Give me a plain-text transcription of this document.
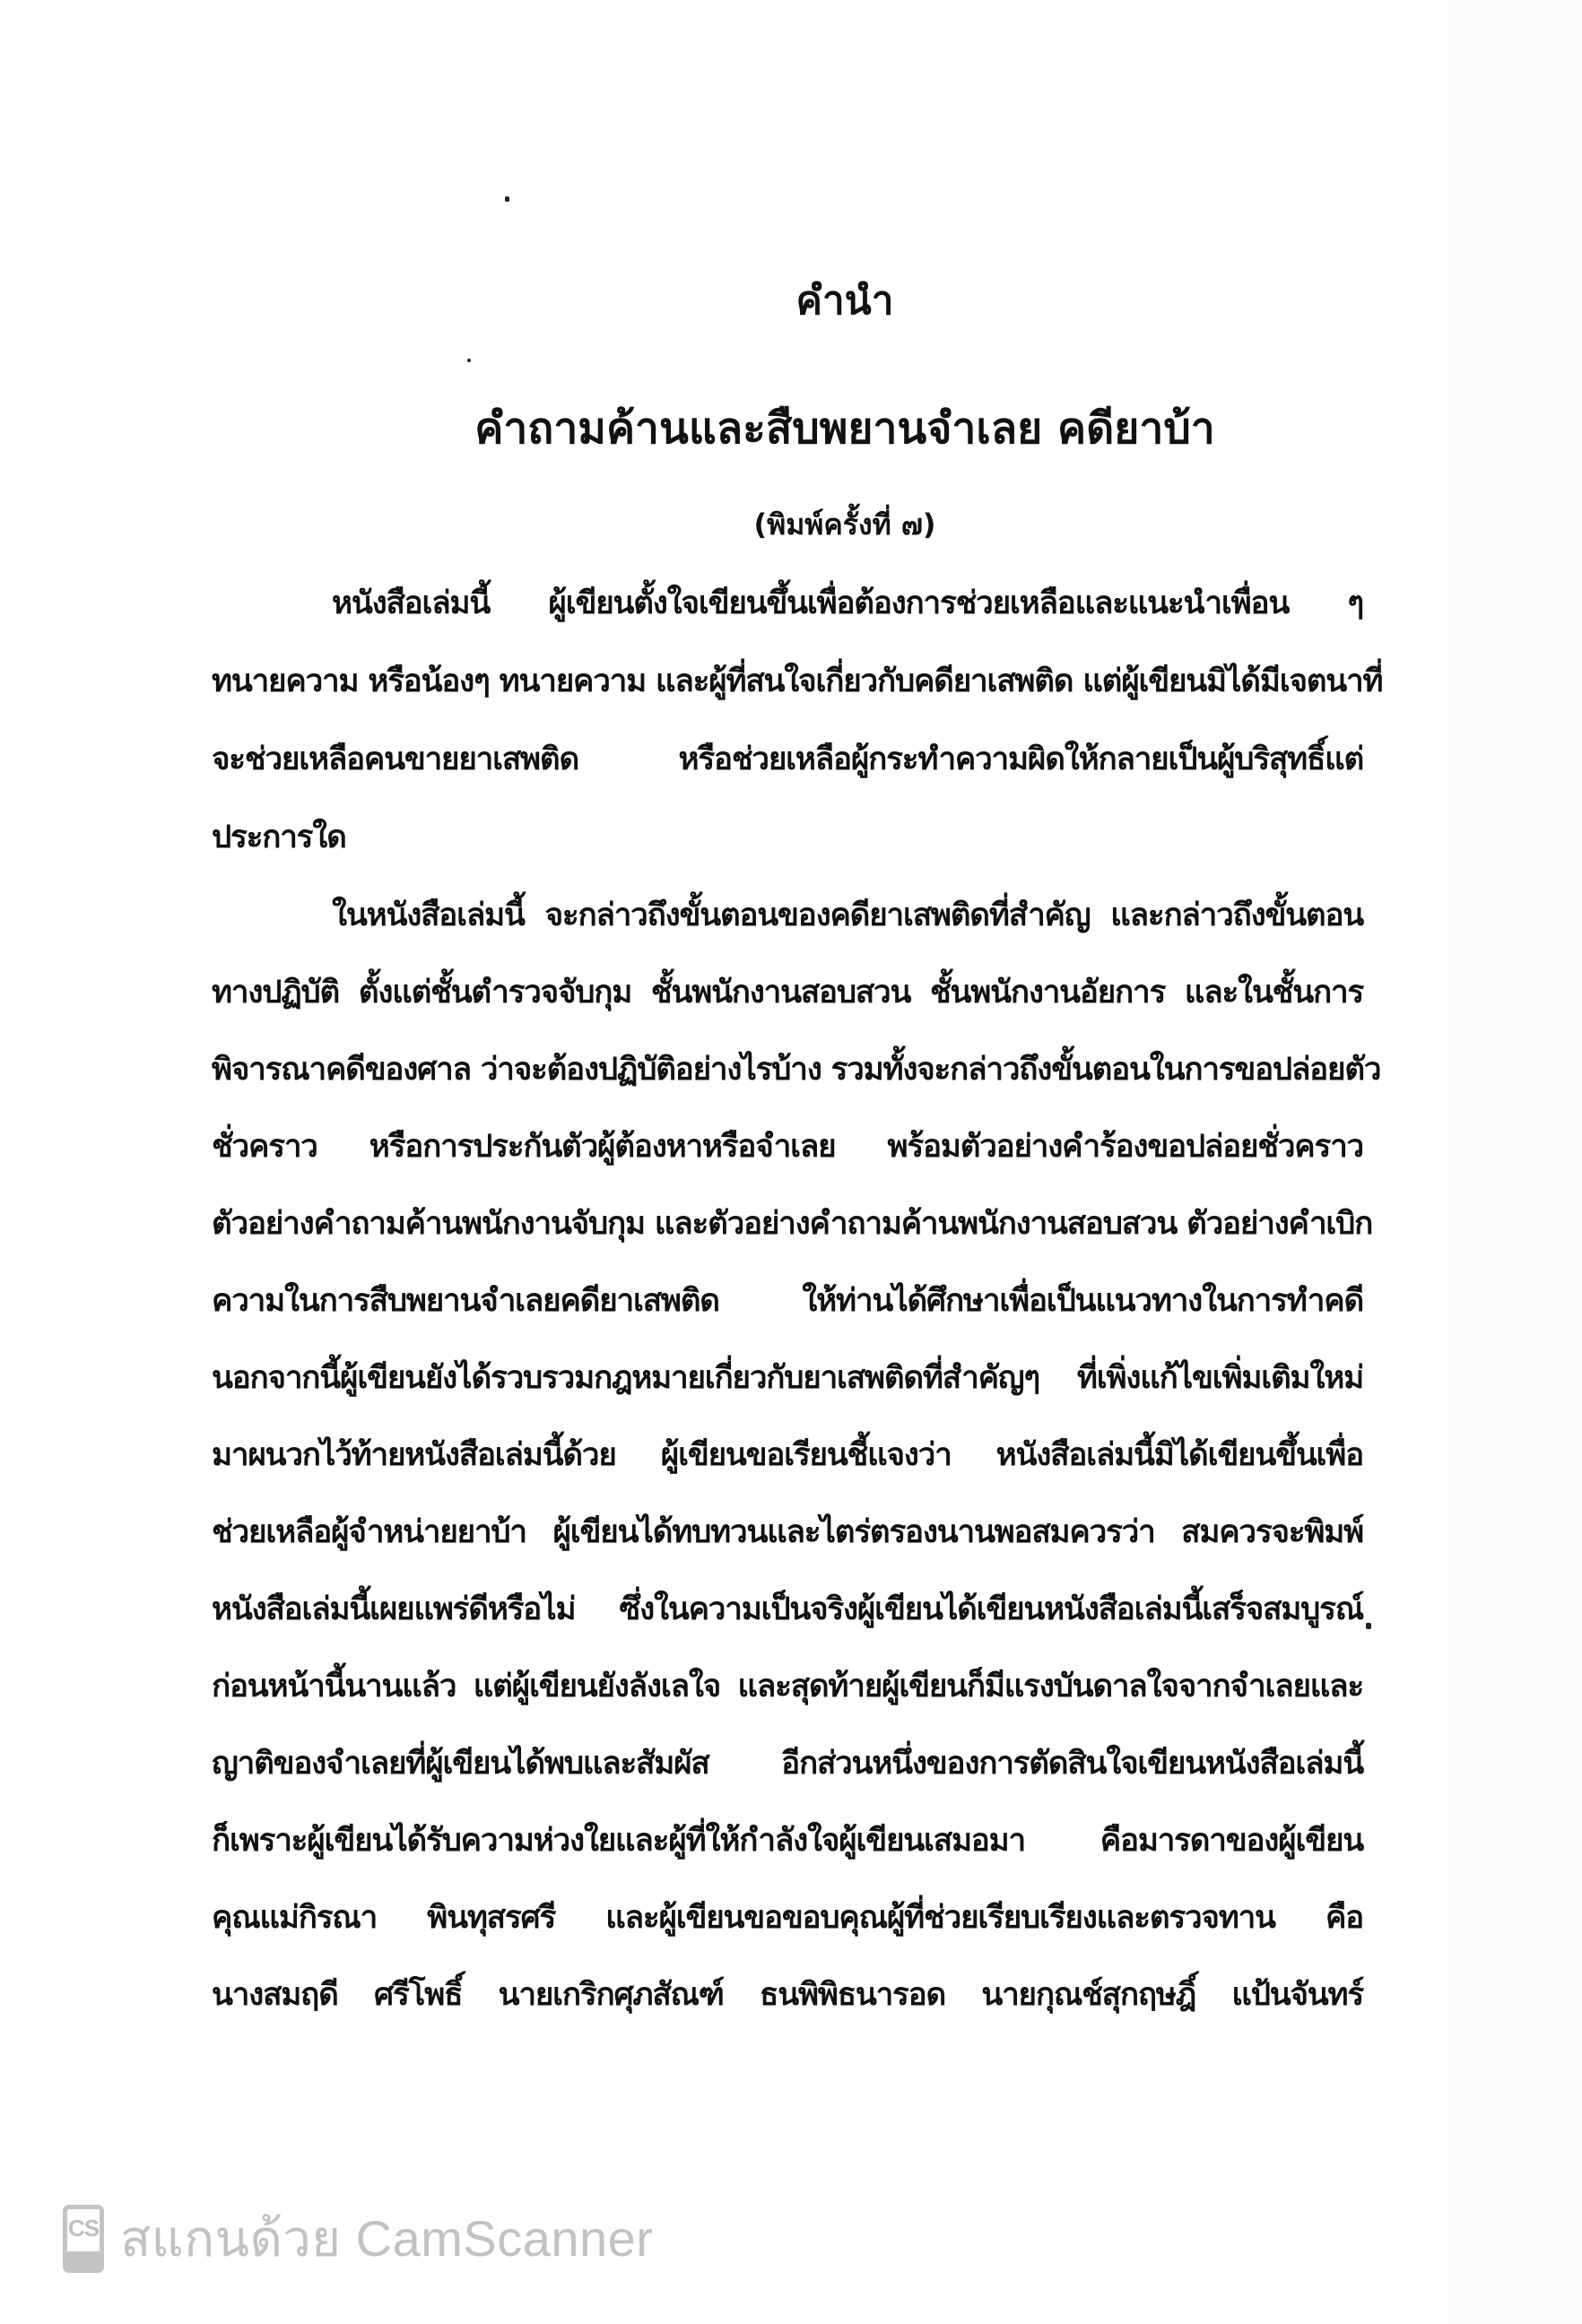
คำนำ
คำถามค้านและสืบพยานจำเลย คดียาบ้า
(พิมพ์ครั้งที่ ๗)
หนังสือเล่มนี้ ผู้เขียนตั้งใจเขียนขึ้นเพื่อต้องการช่วยเหลือและแนะนำเพื่อน ๆ
ทนายความ หรือน้องๆ ทนายความ และผู้ที่สนใจเกี่ยวกับคดียาเสพติด แต่ผู้เขียนมิได้มีเจตนาที่
จะช่วยเหลือคนขายยาเสพติด หรือช่วยเหลือผู้กระทำความผิดให้กลายเป็นผู้บริสุทธิ์แต่
ประการใด
ในหนังสือเล่มนี้ จะกล่าวถึงขั้นตอนของคดียาเสพติดที่สำคัญ และกล่าวถึงขั้นตอน
ทางปฏิบัติ ตั้งแต่ชั้นตำรวจจับกุม ชั้นพนักงานสอบสวน ชั้นพนักงานอัยการ และในชั้นการ
พิจารณาคดีของศาล ว่าจะต้องปฏิบัติอย่างไรบ้าง รวมทั้งจะกล่าวถึงขั้นตอนในการขอปล่อยตัว
ชั่วคราว หรือการประกันตัวผู้ต้องหาหรือจำเลย พร้อมตัวอย่างคำร้องขอปล่อยชั่วคราว
ตัวอย่างคำถามค้านพนักงานจับกุม และตัวอย่างคำถามค้านพนักงานสอบสวน ตัวอย่างคำเบิก
ความในการสืบพยานจำเลยคดียาเสพติด ให้ท่านได้ศึกษาเพื่อเป็นแนวทางในการทำคดี
นอกจากนี้ผู้เขียนยังได้รวบรวมกฎหมายเกี่ยวกับยาเสพติดที่สำคัญๆ ที่เพิ่งแก้ไขเพิ่มเติมใหม่
มาผนวกไว้ท้ายหนังสือเล่มนี้ด้วย ผู้เขียนขอเรียนชี้แจงว่า หนังสือเล่มนี้มิได้เขียนขึ้นเพื่อ
ช่วยเหลือผู้จำหน่ายยาบ้า ผู้เขียนได้ทบทวนและไตร่ตรองนานพอสมควรว่า สมควรจะพิมพ์
หนังสือเล่มนี้เผยแพร่ดีหรือไม่ ซึ่งในความเป็นจริงผู้เขียนได้เขียนหนังสือเล่มนี้เสร็จสมบูรณ์
ก่อนหน้านี้นานแล้ว แต่ผู้เขียนยังลังเลใจ และสุดท้ายผู้เขียนก็มีแรงบันดาลใจจากจำเลยและ
ญาติของจำเลยที่ผู้เขียนได้พบและสัมผัส อีกส่วนหนึ่งของการตัดสินใจเขียนหนังสือเล่มนี้
ก็เพราะผู้เขียนได้รับความห่วงใยและผู้ที่ให้กำลังใจผู้เขียนเสมอมา คือมารดาของผู้เขียน
คุณแม่กิรณา พินทุสรศรี และผู้เขียนขอขอบคุณผู้ที่ช่วยเรียบเรียงและตรวจทาน คือ
นางสมฤดี ศรีโพธิ์ นายเกริกศุภสัณฑ์ ธนพิพิธนารอด นายกุณช์สุกฤษฎิ์ แป้นจันทร์
CS สแกนด้วย CamScanner
